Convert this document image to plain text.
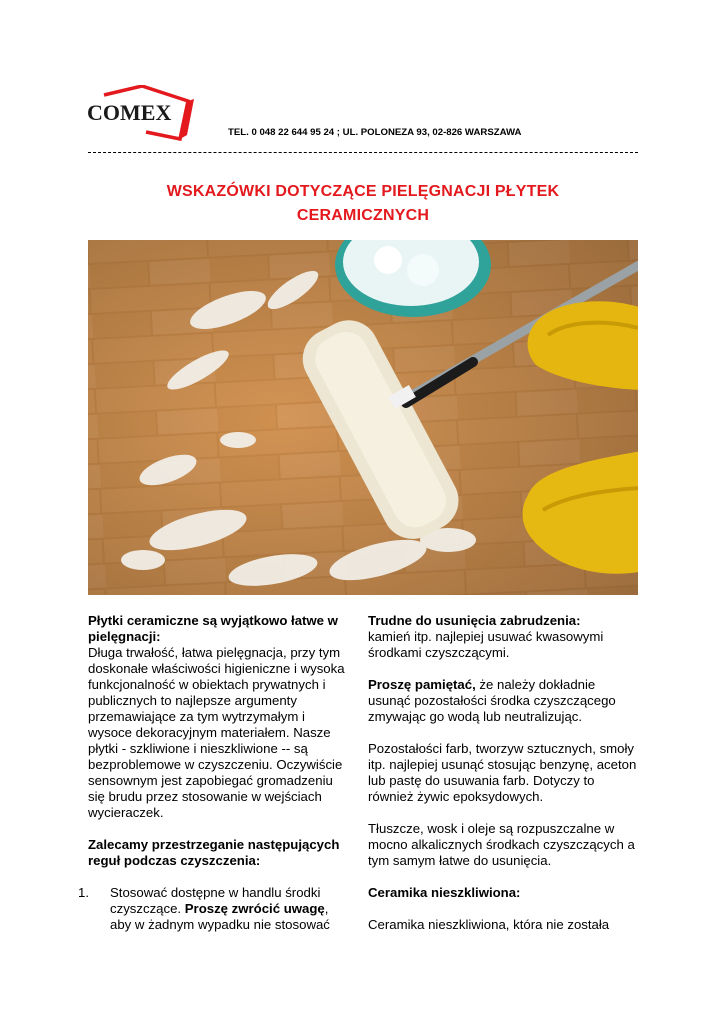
COMEX
TEL. 0 048 22 644 95 24 ; UL. POLONEZA 93, 02-826 WARSZAWA
WSKAZÓWKI DOTYCZĄCE PIELĘGNACJI PŁYTEK
CERAMICZNYCH

Płytki ceramiczne są wyjątkowo łatwe w pielęgnacji:

Długa trwałość, łatwa pielęgnacja, przy tym doskonałe właściwości higieniczne i wysoka funkcjonalność w obiektach prywatnych i publicznych to najlepsze argumenty przemawiające za tym wytrzymałym i wysoce dekoracyjnym materiałem. Nasze płytki - szkliwione i nieszkliwione -- są bezproblemowe w czyszczeniu. Oczywiście sensownym jest zapobiegać gromadzeniu się brudu przez stosowanie w wejściach wycieraczek.

Zalecamy przestrzeganie następujących reguł podczas czyszczenia:

1. Stosować dostępne w handlu środki czyszczące. Proszę zwrócić uwagę, aby w żadnym wypadku nie stosować

Trudne do usunięcia zabrudzenia:

kamień itp. najlepiej usuwać kwasowymi środkami czyszczącymi.

Proszę pamiętać, że należy dokładnie usunąć pozostałości środka czyszczącego zmywając go wodą lub neutralizując.

Pozostałości farb, tworzyw sztucznych, smoły itp. najlepiej usunąć stosując benzynę, aceton lub pastę do usuwania farb. Dotyczy to również żywic epoksydowych.

Tłuszcze, wosk i oleje są rozpuszczalne w mocno alkalicznych środkach czyszczących a tym samym łatwe do usunięcia.

Ceramika nieszkliwiona:

Ceramika nieszkliwiona, która nie została
